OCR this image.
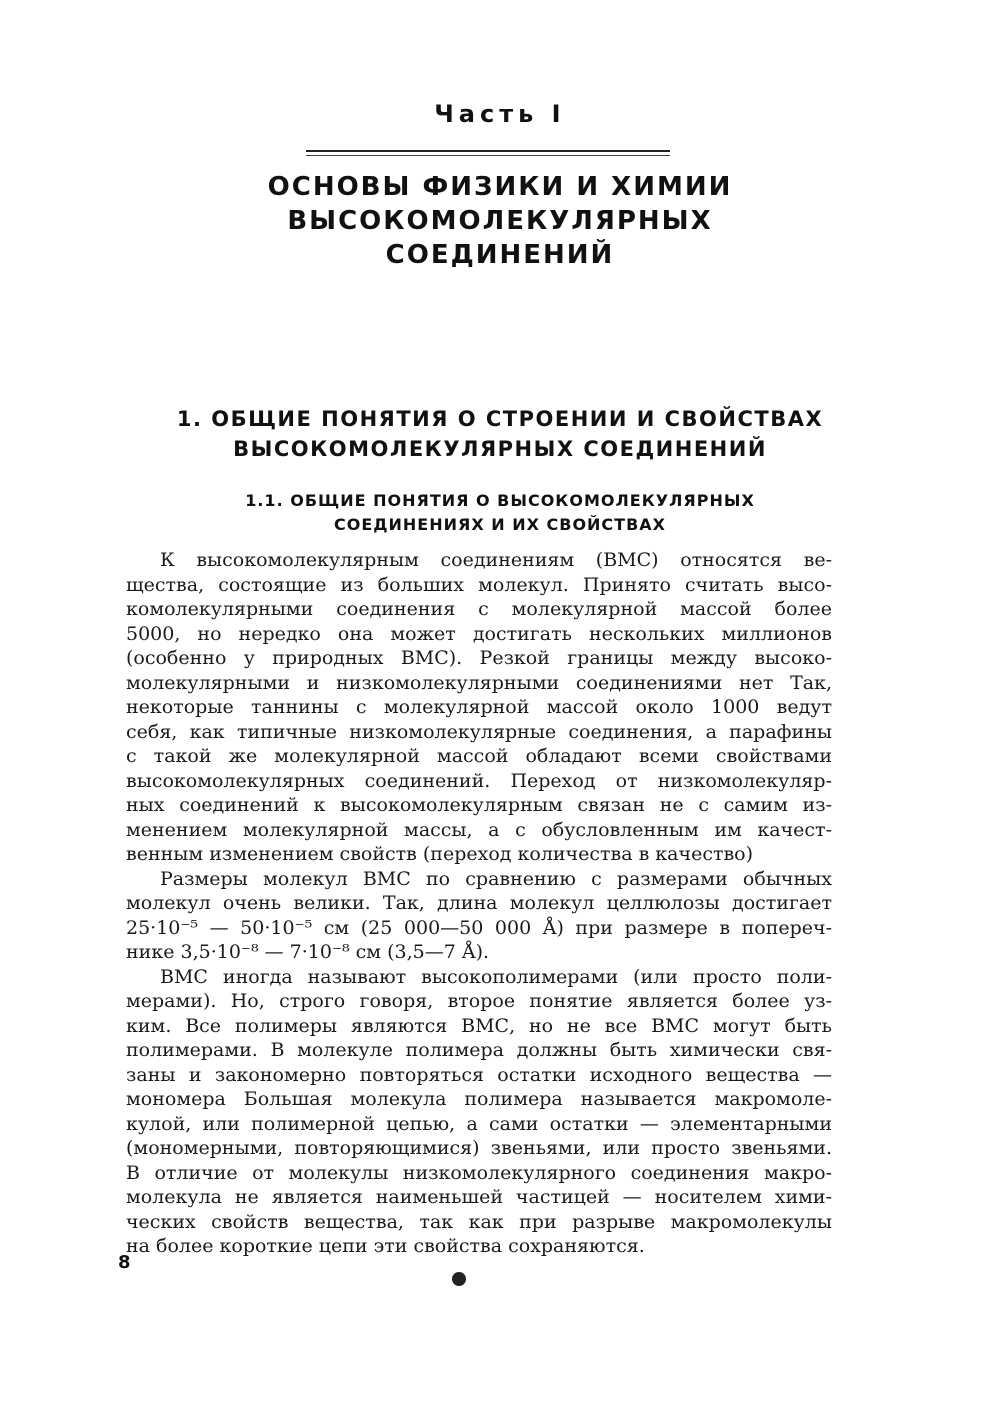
Часть I
ОСНОВЫ ФИЗИКИ И ХИМИИ
ВЫСОКОМОЛЕКУЛЯРНЫХ
СОЕДИНЕНИЙ
1. ОБЩИЕ ПОНЯТИЯ О СТРОЕНИИ И СВОЙСТВАХ
ВЫСОКОМОЛЕКУЛЯРНЫХ СОЕДИНЕНИЙ
1.1. ОБЩИЕ ПОНЯТИЯ О ВЫСОКОМОЛЕКУЛЯРНЫХ
СОЕДИНЕНИЯХ И ИХ СВОЙСТВАХ
К высокомолекулярным соединениям (ВМС) относятся ве-
щества, состоящие из больших молекул. Принято считать высо-
комолекулярными соединения с молекулярной массой более
5000, но нередко она может достигать нескольких миллионов
(особенно у природных ВМС). Резкой границы между высоко-
молекулярными и низкомолекулярными соединениями нет Так,
некоторые таннины с молекулярной массой около 1000 ведут
себя, как типичные низкомолекулярные соединения, а парафины
с такой же молекулярной массой обладают всеми свойствами
высокомолекулярных соединений. Переход от низкомолекуляр-
ных соединений к высокомолекулярным связан не с самим из-
менением молекулярной массы, а с обусловленным им качест-
венным изменением свойств (переход количества в качество)
Размеры молекул ВМС по сравнению с размерами обычных
молекул очень велики. Так, длина молекул целлюлозы достигает
25·10⁻⁵ — 50·10⁻⁵ см (25 000—50 000 Å) при размере в попереч-
нике 3,5·10⁻⁸ — 7·10⁻⁸ см (3,5—7 Å).
ВМС иногда называют высокополимерами (или просто поли-
мерами). Но, строго говоря, второе понятие является более уз-
ким. Все полимеры являются ВМС, но не все ВМС могут быть
полимерами. В молекуле полимера должны быть химически свя-
заны и закономерно повторяться остатки исходного вещества —
мономера Большая молекула полимера называется макромоле-
кулой, или полимерной цепью, а сами остатки — элементарными
(мономерными, повторяющимися) звеньями, или просто звеньями.
В отличие от молекулы низкомолекулярного соединения макро-
молекула не является наименьшей частицей — носителем хими-
ческих свойств вещества, так как при разрыве макромолекулы
на более короткие цепи эти свойства сохраняются.
8
